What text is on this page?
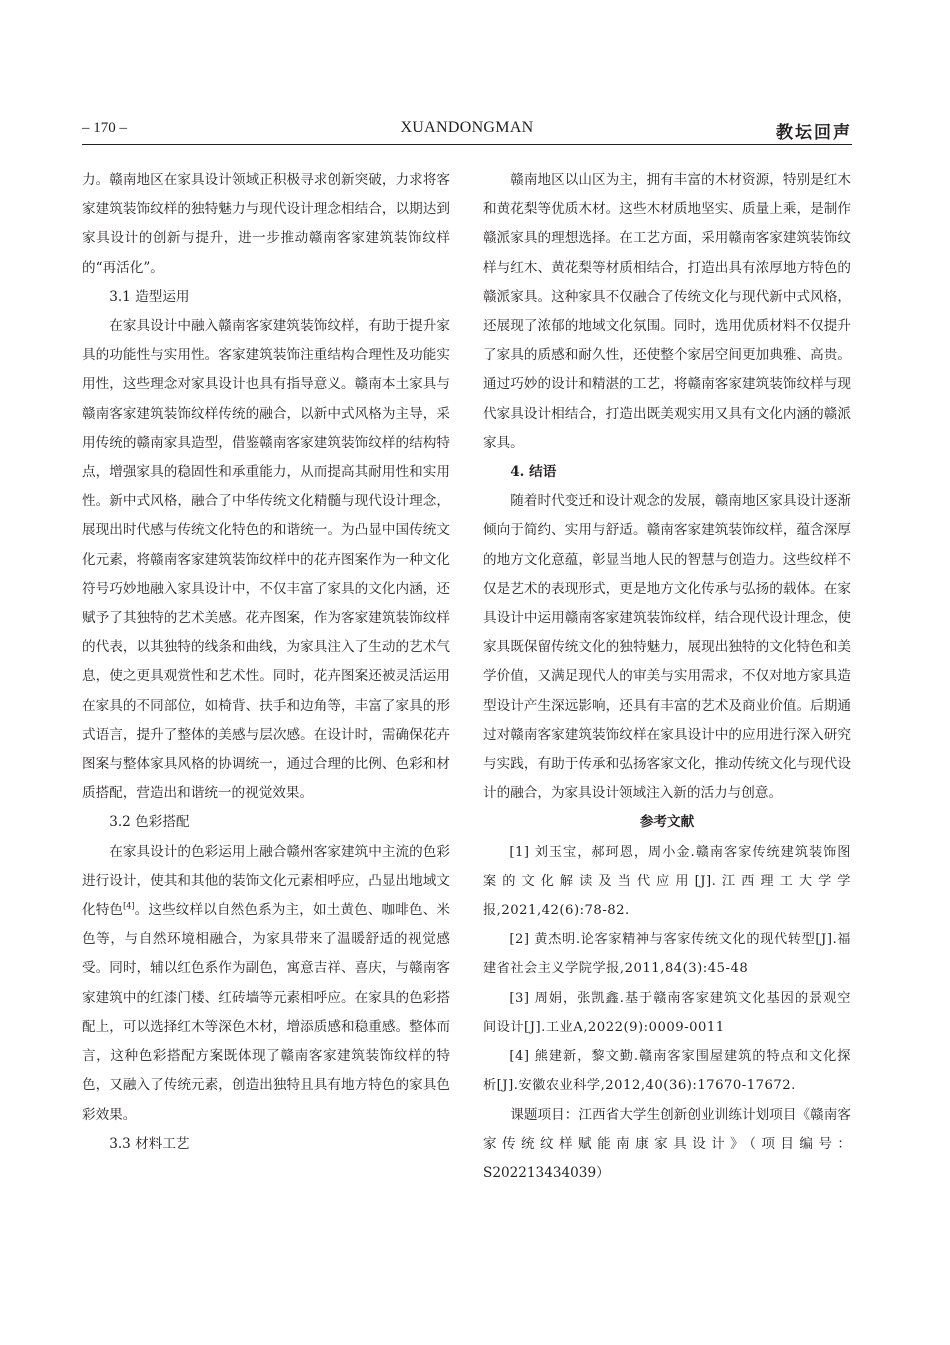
– 170 –	XUANDONGMAN	教坛回声

力。赣南地区在家具设计领域正积极寻求创新突破，力求将客家建筑装饰纹样的独特魅力与现代设计理念相结合，以期达到家具设计的创新与提升，进一步推动赣南客家建筑装饰纹样的“再活化”。

3.1 造型运用

在家具设计中融入赣南客家建筑装饰纹样，有助于提升家具的功能性与实用性。客家建筑装饰注重结构合理性及功能实用性，这些理念对家具设计也具有指导意义。赣南本土家具与赣南客家建筑装饰纹样传统的融合，以新中式风格为主导，采用传统的赣南家具造型，借鉴赣南客家建筑装饰纹样的结构特点，增强家具的稳固性和承重能力，从而提高其耐用性和实用性。新中式风格，融合了中华传统文化精髓与现代设计理念，展现出时代感与传统文化特色的和谐统一。为凸显中国传统文化元素，将赣南客家建筑装饰纹样中的花卉图案作为一种文化符号巧妙地融入家具设计中，不仅丰富了家具的文化内涵，还赋予了其独特的艺术美感。花卉图案，作为客家建筑装饰纹样的代表，以其独特的线条和曲线，为家具注入了生动的艺术气息，使之更具观赏性和艺术性。同时，花卉图案还被灵活运用在家具的不同部位，如椅背、扶手和边角等，丰富了家具的形式语言，提升了整体的美感与层次感。在设计时，需确保花卉图案与整体家具风格的协调统一，通过合理的比例、色彩和材质搭配，营造出和谐统一的视觉效果。

3.2 色彩搭配

在家具设计的色彩运用上融合赣州客家建筑中主流的色彩进行设计，使其和其他的装饰文化元素相呼应，凸显出地域文化特色[4]。这些纹样以自然色系为主，如土黄色、咖啡色、米色等，与自然环境相融合，为家具带来了温暖舒适的视觉感受。同时，辅以红色系作为副色，寓意吉祥、喜庆，与赣南客家建筑中的红漆门楼、红砖墙等元素相呼应。在家具的色彩搭配上，可以选择红木等深色木材，增添质感和稳重感。整体而言，这种色彩搭配方案既体现了赣南客家建筑装饰纹样的特色，又融入了传统元素，创造出独特且具有地方特色的家具色彩效果。

3.3 材料工艺

赣南地区以山区为主，拥有丰富的木材资源，特别是红木和黄花梨等优质木材。这些木材质地坚实、质量上乘，是制作赣派家具的理想选择。在工艺方面，采用赣南客家建筑装饰纹样与红木、黄花梨等材质相结合，打造出具有浓厚地方特色的赣派家具。这种家具不仅融合了传统文化与现代新中式风格，还展现了浓郁的地域文化氛围。同时，选用优质材料不仅提升了家具的质感和耐久性，还使整个家居空间更加典雅、高贵。通过巧妙的设计和精湛的工艺，将赣南客家建筑装饰纹样与现代家具设计相结合，打造出既美观实用又具有文化内涵的赣派家具。

4. 结语

随着时代变迁和设计观念的发展，赣南地区家具设计逐渐倾向于简约、实用与舒适。赣南客家建筑装饰纹样，蕴含深厚的地方文化意蕴，彰显当地人民的智慧与创造力。这些纹样不仅是艺术的表现形式，更是地方文化传承与弘扬的载体。在家具设计中运用赣南客家建筑装饰纹样，结合现代设计理念，使家具既保留传统文化的独特魅力，展现出独特的文化特色和美学价值，又满足现代人的审美与实用需求，不仅对地方家具造型设计产生深远影响，还具有丰富的艺术及商业价值。后期通过对赣南客家建筑装饰纹样在家具设计中的应用进行深入研究与实践，有助于传承和弘扬客家文化，推动传统文化与现代设计的融合，为家具设计领域注入新的活力与创意。

参考文献

[1] 刘玉宝，郝珂恩，周小金.赣南客家传统建筑装饰图案的文化解读及当代应用[J].江西理工大学学报,2021,42(6):78-82.

[2] 黄杰明.论客家精神与客家传统文化的现代转型[J].福建省社会主义学院学报,2011,84(3):45-48

[3] 周娟，张凯鑫.基于赣南客家建筑文化基因的景观空间设计[J].工业A,2022(9):0009-0011

[4] 熊建新，黎文勤.赣南客家围屋建筑的特点和文化探析[J].安徽农业科学,2012,40(36):17670-17672.

课题项目：江西省大学生创新创业训练计划项目《赣南客家传统纹样赋能南康家具设计》（项目编号：S202213434039）
